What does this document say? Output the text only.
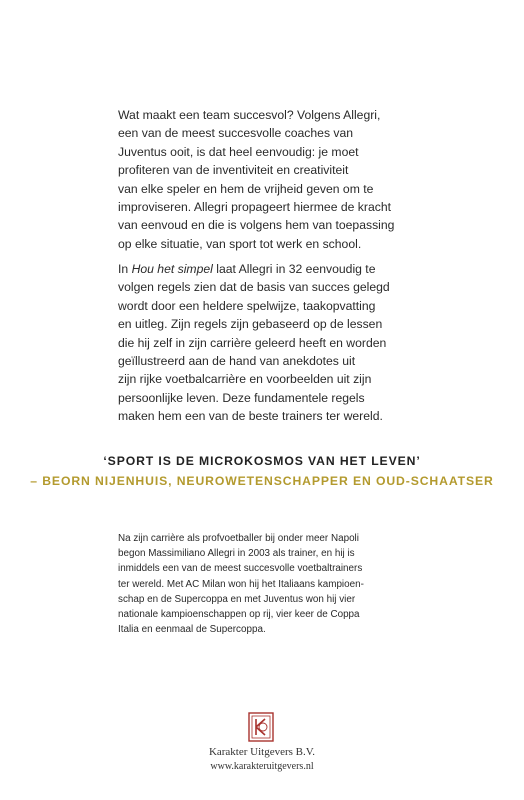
Wat maakt een team succesvol? Volgens Allegri,
een van de meest succesvolle coaches van
Juventus ooit, is dat heel eenvoudig: je moet
profiteren van de inventiviteit en creativiteit
van elke speler en hem de vrijheid geven om te
improviseren. Allegri propageert hiermee de kracht
van eenvoud en die is volgens hem van toepassing
op elke situatie, van sport tot werk en school.
In Hou het simpel laat Allegri in 32 eenvoudig te
volgen regels zien dat de basis van succes gelegd
wordt door een heldere spelwijze, taakopvatting
en uitleg. Zijn regels zijn gebaseerd op de lessen
die hij zelf in zijn carrière geleerd heeft en worden
geïllustreerd aan de hand van anekdotes uit
zijn rijke voetbalcarrière en voorbeelden uit zijn
persoonlijke leven. Deze fundamentele regels
maken hem een van de beste trainers ter wereld.

‘SPORT IS DE MICROKOSMOS VAN HET LEVEN’

– BEORN NIJENHUIS, NEUROWETENSCHAPPER EN OUD-SCHAATSER

Na zijn carrière als profvoetballer bij onder meer Napoli
begon Massimiliano Allegri in 2003 als trainer, en hij is
inmiddels een van de meest succesvolle voetbaltrainers
ter wereld. Met AC Milan won hij het Italiaans kampioen-
schap en de Supercoppa en met Juventus won hij vier
nationale kampioenschappen op rij, vier keer de Coppa
Italia en eenmaal de Supercoppa.

Karakter Uitgevers B.V.

www.karakteruitgevers.nl
